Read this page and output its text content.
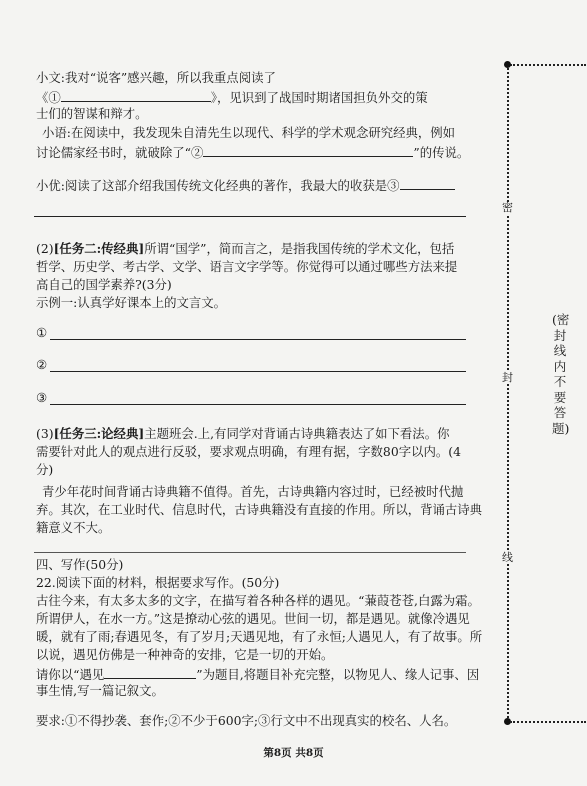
小文:我对“说客”感兴趣，所以我重点阅读了
《①	》，见识到了战国时期诸国担负外交的策
士们的智谋和辩才。
小语:在阅读中，我发现朱自清先生以现代、科学的学术观念研究经典，例如
讨论儒家经书时，就破除了“②	”的传说。
小优:阅读了这部介绍我国传统文化经典的著作，我最大的收获是③
(2)[任务二:传经典]所谓“国学”，简而言之，是指我国传统的学术文化，包括
哲学、历史学、考古学、文学、语言文字学等。你觉得可以通过哪些方法来提
高自己的国学素养?(3分)
示例一:认真学好课本上的文言文。
①
②
③
(3)[任务三:论经典]主题班会.上,有同学对背诵古诗典籍表达了如下看法。你
需要针对此人的观点进行反驳，要求观点明确，有理有据，字数80字以内。(4
分)
青少年花时间背诵古诗典籍不值得。首先，古诗典籍内容过时，已经被时代抛
弃。其次，在工业时代、信息时代，古诗典籍没有直接的作用。所以，背诵古诗典
籍意义不大。
四、写作(50分)
22.阅读下面的材料，根据要求写作。(50分)
古往今来，有太多太多的文字，在描写着各种各样的遇见。“蒹葭苍苍,白露为霜。
所谓伊人，在水一方。”这是撩动心弦的遇见。世间一切，都是遇见。就像冷遇见
暖，就有了雨;春遇见冬，有了岁月;天遇见地，有了永恒;人遇见人，有了故事。所
以说，遇见仿佛是一种神奇的安排，它是一切的开始。
请你以“遇见	”为题目,将题目补充完整，以物见人、缘人记事、因
事生情,写一篇记叙文。
要求:①不得抄袭、套作;②不少于600字;③行文中不出现真实的校名、人名。
密
封
线
(密封线内不要答题)
第8页 共8页
